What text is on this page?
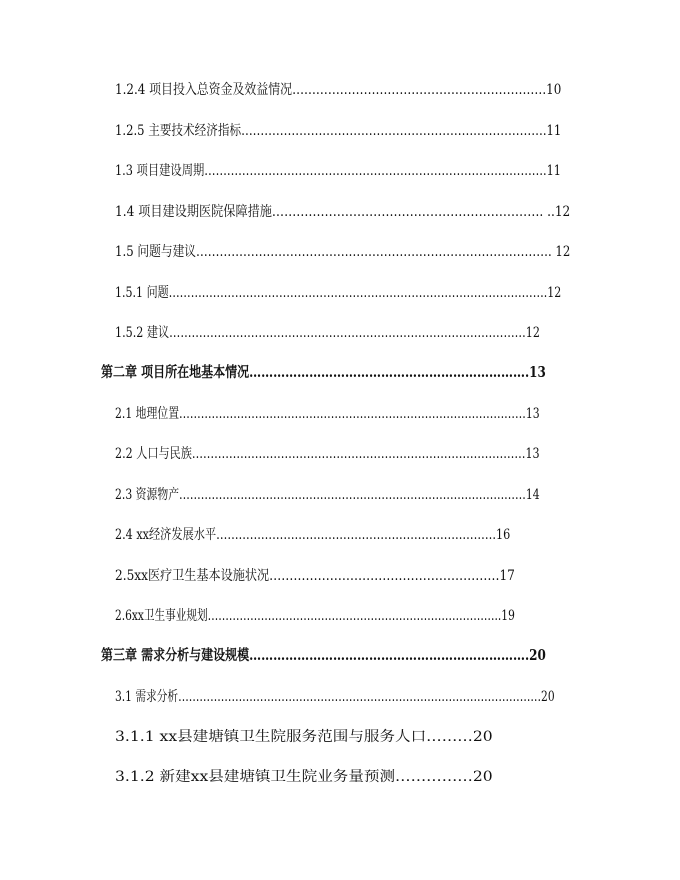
1.2.4 项目投入总资金及效益情况……………………………………………………….10
1.2.5 主要技术经济指标…………………………………………………………………….11
1.3 项目建设周期……………………………………………………………………………….11
1.4 项目建设期医院保障措施…………………………………………………………. ..12
1.5 问题与建议………………………………………………………………………………. 12
1.5.1 问题………………………………………………………………………………………….12
1.5.2 建议……………………………………………………………………………………12
第二章 项目所在地基本情况…………………………………………………………….13
2.1 地理位置……………………………………………………………………………………13
2.2 人口与民族………………………………………………………………………………13
2.3 资源物产……………………………………………………………………………………14
2.4 xx经济发展水平…………………………………………………………………16
2.5xx医疗卫生基本设施状况…………………………………………………17
2.6xx卫生事业规划………………………………………………………………………..19
第三章 需求分析与建设规模…………………………………………………………….20
3.1 需求分析…………………………………………………………………………………………20
3.1.1 xx县建塘镇卫生院服务范围与服务人口………20
3.1.2 新建xx县建塘镇卫生院业务量预测……………20
